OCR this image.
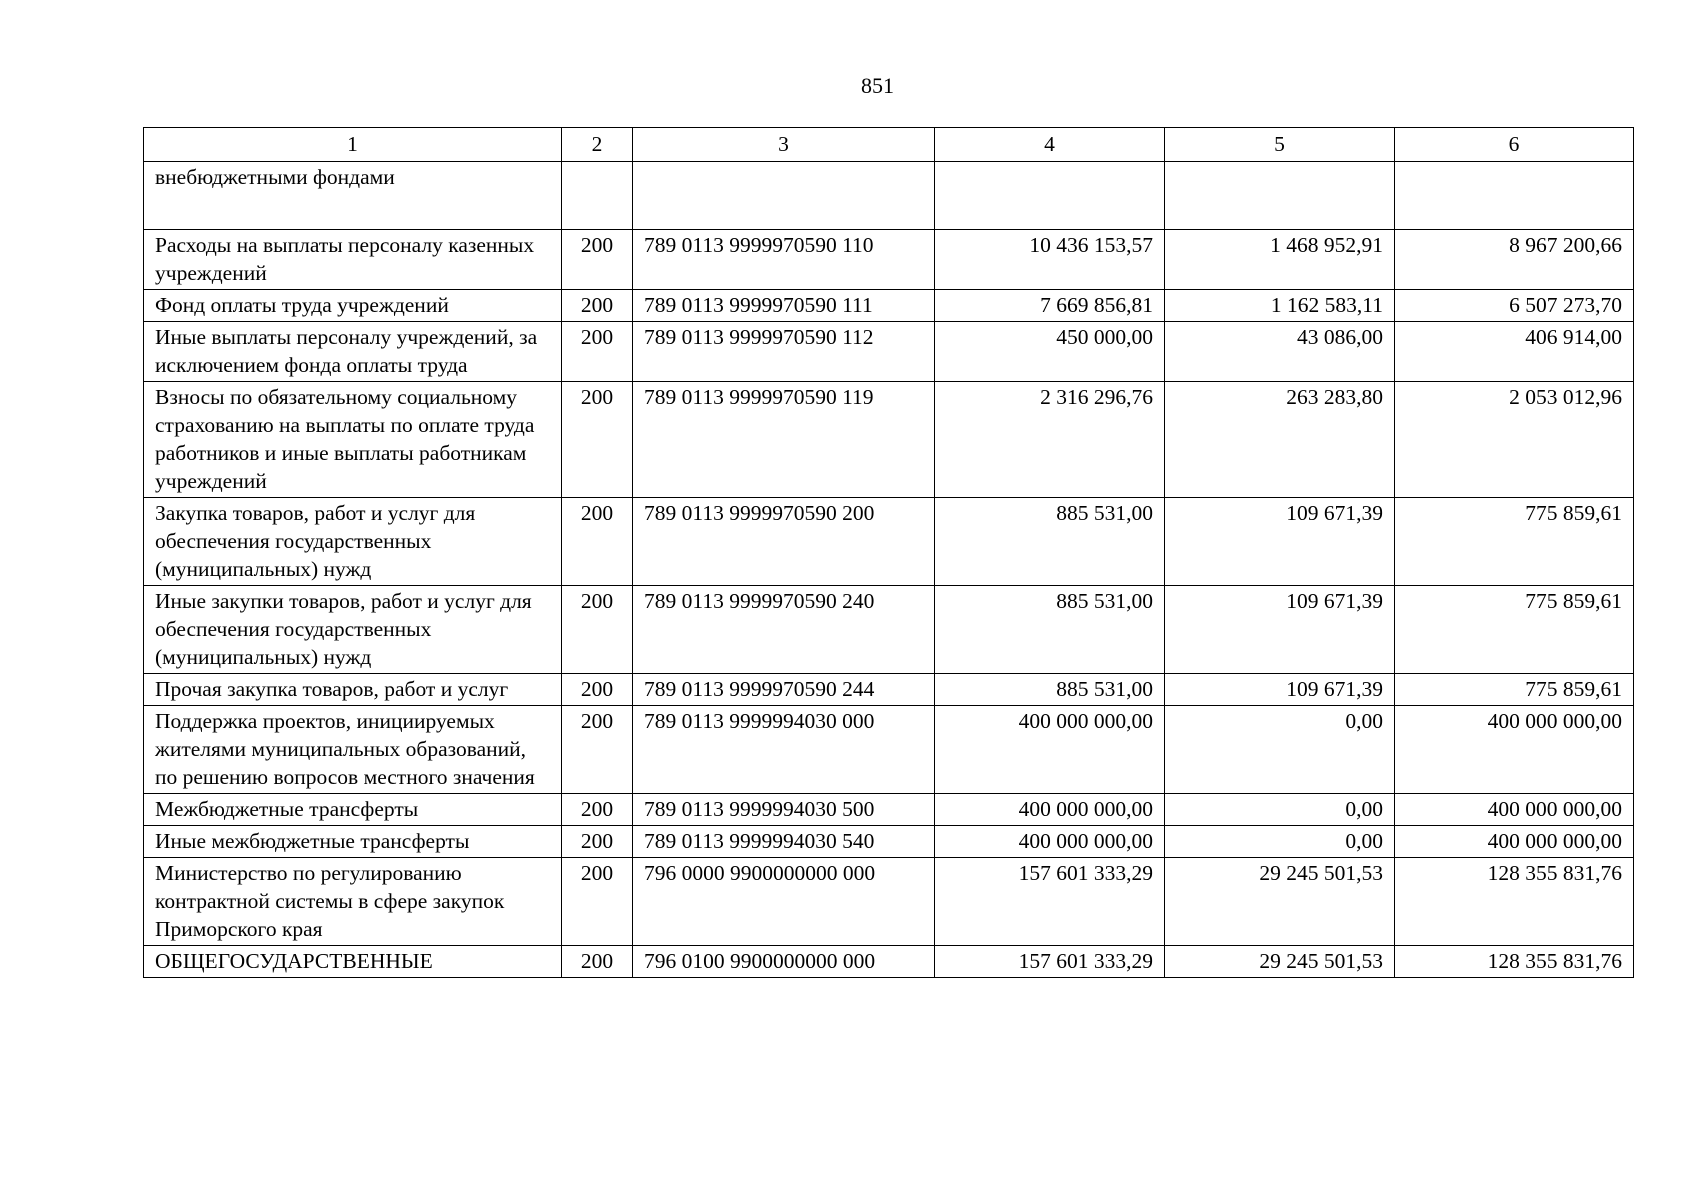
851
1	2	3	4	5	6
внебюджетными фондами					
Расходы на выплаты персоналу казенных учреждений	200	789 0113 9999970590 110	10 436 153,57	1 468 952,91	8 967 200,66
Фонд оплаты труда учреждений	200	789 0113 9999970590 111	7 669 856,81	1 162 583,11	6 507 273,70
Иные выплаты персоналу учреждений, за исключением фонда оплаты труда	200	789 0113 9999970590 112	450 000,00	43 086,00	406 914,00
Взносы по обязательному социальному страхованию на выплаты по оплате труда работников и иные выплаты работникам учреждений	200	789 0113 9999970590 119	2 316 296,76	263 283,80	2 053 012,96
Закупка товаров, работ и услуг для обеспечения государственных (муниципальных) нужд	200	789 0113 9999970590 200	885 531,00	109 671,39	775 859,61
Иные закупки товаров, работ и услуг для обеспечения государственных (муниципальных) нужд	200	789 0113 9999970590 240	885 531,00	109 671,39	775 859,61
Прочая закупка товаров, работ и услуг	200	789 0113 9999970590 244	885 531,00	109 671,39	775 859,61
Поддержка проектов, инициируемых жителями муниципальных образований, по решению вопросов местного значения	200	789 0113 9999994030 000	400 000 000,00	0,00	400 000 000,00
Межбюджетные трансферты	200	789 0113 9999994030 500	400 000 000,00	0,00	400 000 000,00
Иные межбюджетные трансферты	200	789 0113 9999994030 540	400 000 000,00	0,00	400 000 000,00
Министерство по регулированию контрактной системы в сфере закупок Приморского края	200	796 0000 9900000000 000	157 601 333,29	29 245 501,53	128 355 831,76
ОБЩЕГОСУДАРСТВЕННЫЕ	200	796 0100 9900000000 000	157 601 333,29	29 245 501,53	128 355 831,76
